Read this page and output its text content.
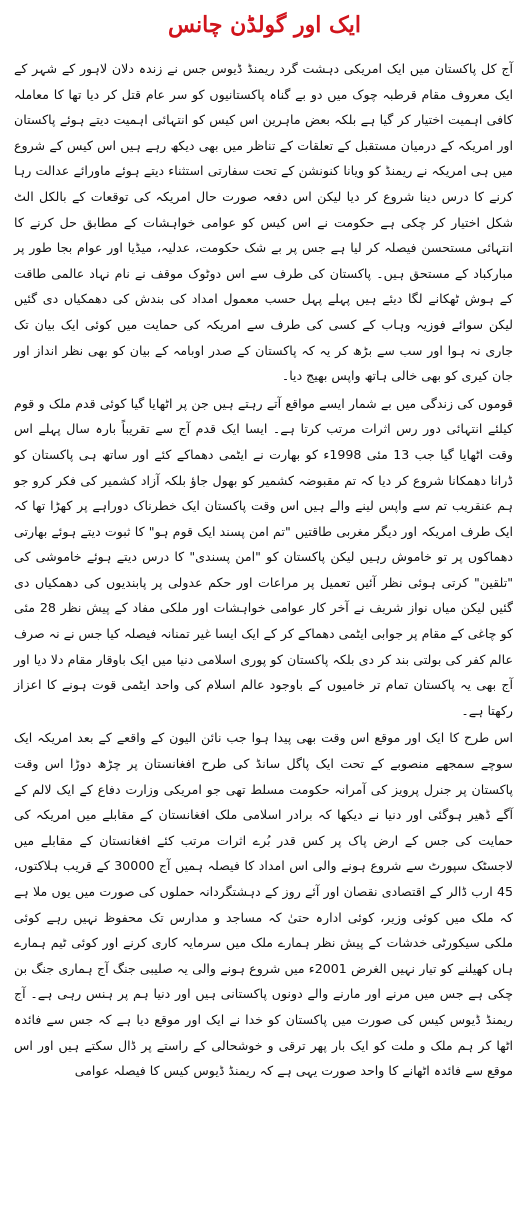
ایک اور گولڈن چانس

آج کل پاکستان میں ایک امریکی دہشت گرد ریمنڈ ڈیوس جس نے زندہ دلان لاہور کے شہر کے ایک معروف مقام قرطبہ چوک میں دو بے گناہ پاکستانیوں کو سر عام قتل کر دیا تھا کا معاملہ کافی اہمیت اختیار کر گیا ہے بلکہ بعض ماہرین اس کیس کو انتہائی اہمیت دیتے ہوئے پاکستان اور امریکہ کے درمیان مستقبل کے تعلقات کے تناظر میں بھی دیکھ رہے ہیں اس کیس کے شروع میں ہی امریکہ نے ریمنڈ کو ویانا کنونشن کے تحت سفارتی استثناء دیتے ہوئے ماورائے عدالت رہا کرنے کا درس دینا شروع کر دیا لیکن اس دفعہ صورت حال امریکہ کی توقعات کے بالکل الٹ شکل اختیار کر چکی ہے حکومت نے اس کیس کو عوامی خواہشات کے مطابق حل کرنے کا انتہائی مستحسن فیصلہ کر لیا ہے جس پر بے شک حکومت، عدلیہ، میڈیا اور عوام بجا طور پر مبارکباد کے مستحق ہیں۔ پاکستان کی طرف سے اس دوٹوک موقف نے نام نہاد عالمی طاقت کے ہوش ٹھکانے لگا دیئے ہیں پہلے پہل حسب معمول امداد کی بندش کی دھمکیاں دی گئیں لیکن سوائے فوزیہ وہاب کے کسی کی طرف سے امریکہ کی حمایت میں کوئی ایک بیان تک جاری نہ ہوا اور سب سے بڑھ کر یہ کہ پاکستان کے صدر اوبامہ کے بیان کو بھی نظر انداز اور جان کیری کو بھی خالی ہاتھ واپس بھیج دیا۔

قوموں کی زندگی میں بے شمار ایسے مواقع آتے رہتے ہیں جن پر اٹھایا گیا کوئی قدم ملک و قوم کیلئے انتہائی دور رس اثرات مرتب کرتا ہے۔ ایسا ایک قدم آج سے تقریباً بارہ سال پہلے اس وقت اٹھایا گیا جب 13 مئی 1998ء کو بھارت نے ایٹمی دھماکے کئے اور ساتھ ہی پاکستان کو ڈرانا دھمکانا شروع کر دیا کہ تم مقبوضہ کشمیر کو بھول جاؤ بلکہ آزاد کشمیر کی فکر کرو جو ہم عنقریب تم سے واپس لینے والے ہیں اس وقت پاکستان ایک خطرناک دوراہے پر کھڑا تھا کہ ایک طرف امریکہ اور دیگر مغربی طاقتیں "تم امن پسند ایک قوم ہو" کا ثبوت دیتے ہوئے بھارتی دھماکوں پر تو خاموش رہیں لیکن پاکستان کو "امن پسندی" کا درس دیتے ہوئے خاموشی کی "تلقین" کرتی ہوئی نظر آئیں تعمیل پر مراعات اور حکم عدولی پر پابندیوں کی دھمکیاں دی گئیں لیکن میاں نواز شریف نے آخر کار عوامی خواہشات اور ملکی مفاد کے پیش نظر 28 مئی کو چاغی کے مقام پر جوابی ایٹمی دھماکے کر کے ایک ایسا غیر تمنانہ فیصلہ کیا جس نے نہ صرف عالم کفر کی بولتی بند کر دی بلکہ پاکستان کو پوری اسلامی دنیا میں ایک باوقار مقام دلا دیا اور آج بھی یہ پاکستان تمام تر خامیوں کے باوجود عالم اسلام کی واحد ایٹمی قوت ہونے کا اعزاز رکھتا ہے۔

اس طرح کا ایک اور موقع اس وقت بھی پیدا ہوا جب نائن الیون کے واقعے کے بعد امریکہ ایک سوچے سمجھے منصوبے کے تحت ایک پاگل سانڈ کی طرح افغانستان پر چڑھ دوڑا اس وقت پاکستان پر جنرل پرویز کی آمرانہ حکومت مسلط تھی جو امریکی وزارت دفاع کے ایک لالم کے آگے ڈھیر ہوگئی اور دنیا نے دیکھا کہ برادر اسلامی ملک افغانستان کے مقابلے میں امریکہ کی حمایت کی جس کے ارض پاک پر کس قدر بُرے اثرات مرتب کئے افغانستان کے مقابلے میں لاجسٹک سپورٹ سے شروع ہونے والی اس امداد کا فیصلہ ہمیں آج 30000 کے قریب ہلاکتوں، 45 ارب ڈالر کے اقتصادی نقصان اور آئے روز کے دہشتگردانہ حملوں کی صورت میں یوں ملا ہے کہ ملک میں کوئی وزیر، کوئی ادارہ حتیٰ کہ مساجد و مدارس تک محفوظ نہیں رہے کوئی ملکی سیکورٹی خدشات کے پیش نظر ہمارے ملک میں سرمایہ کاری کرنے اور کوئی ٹیم ہمارے ہاں کھیلنے کو تیار نہیں الغرض 2001ء میں شروع ہونے والی یہ صلیبی جنگ آج ہماری جنگ بن چکی ہے جس میں مرنے اور مارنے والے دونوں پاکستانی ہیں اور دنیا ہم پر ہنس رہی ہے۔ آج ریمنڈ ڈیوس کیس کی صورت میں پاکستان کو خدا نے ایک اور موقع دیا ہے کہ جس سے فائدہ اٹھا کر ہم ملک و ملت کو ایک بار پھر ترقی و خوشحالی کے راستے پر ڈال سکتے ہیں اور اس موقع سے فائدہ اٹھانے کا واحد صورت یہی ہے کہ ریمنڈ ڈیوس کیس کا فیصلہ عوامی
